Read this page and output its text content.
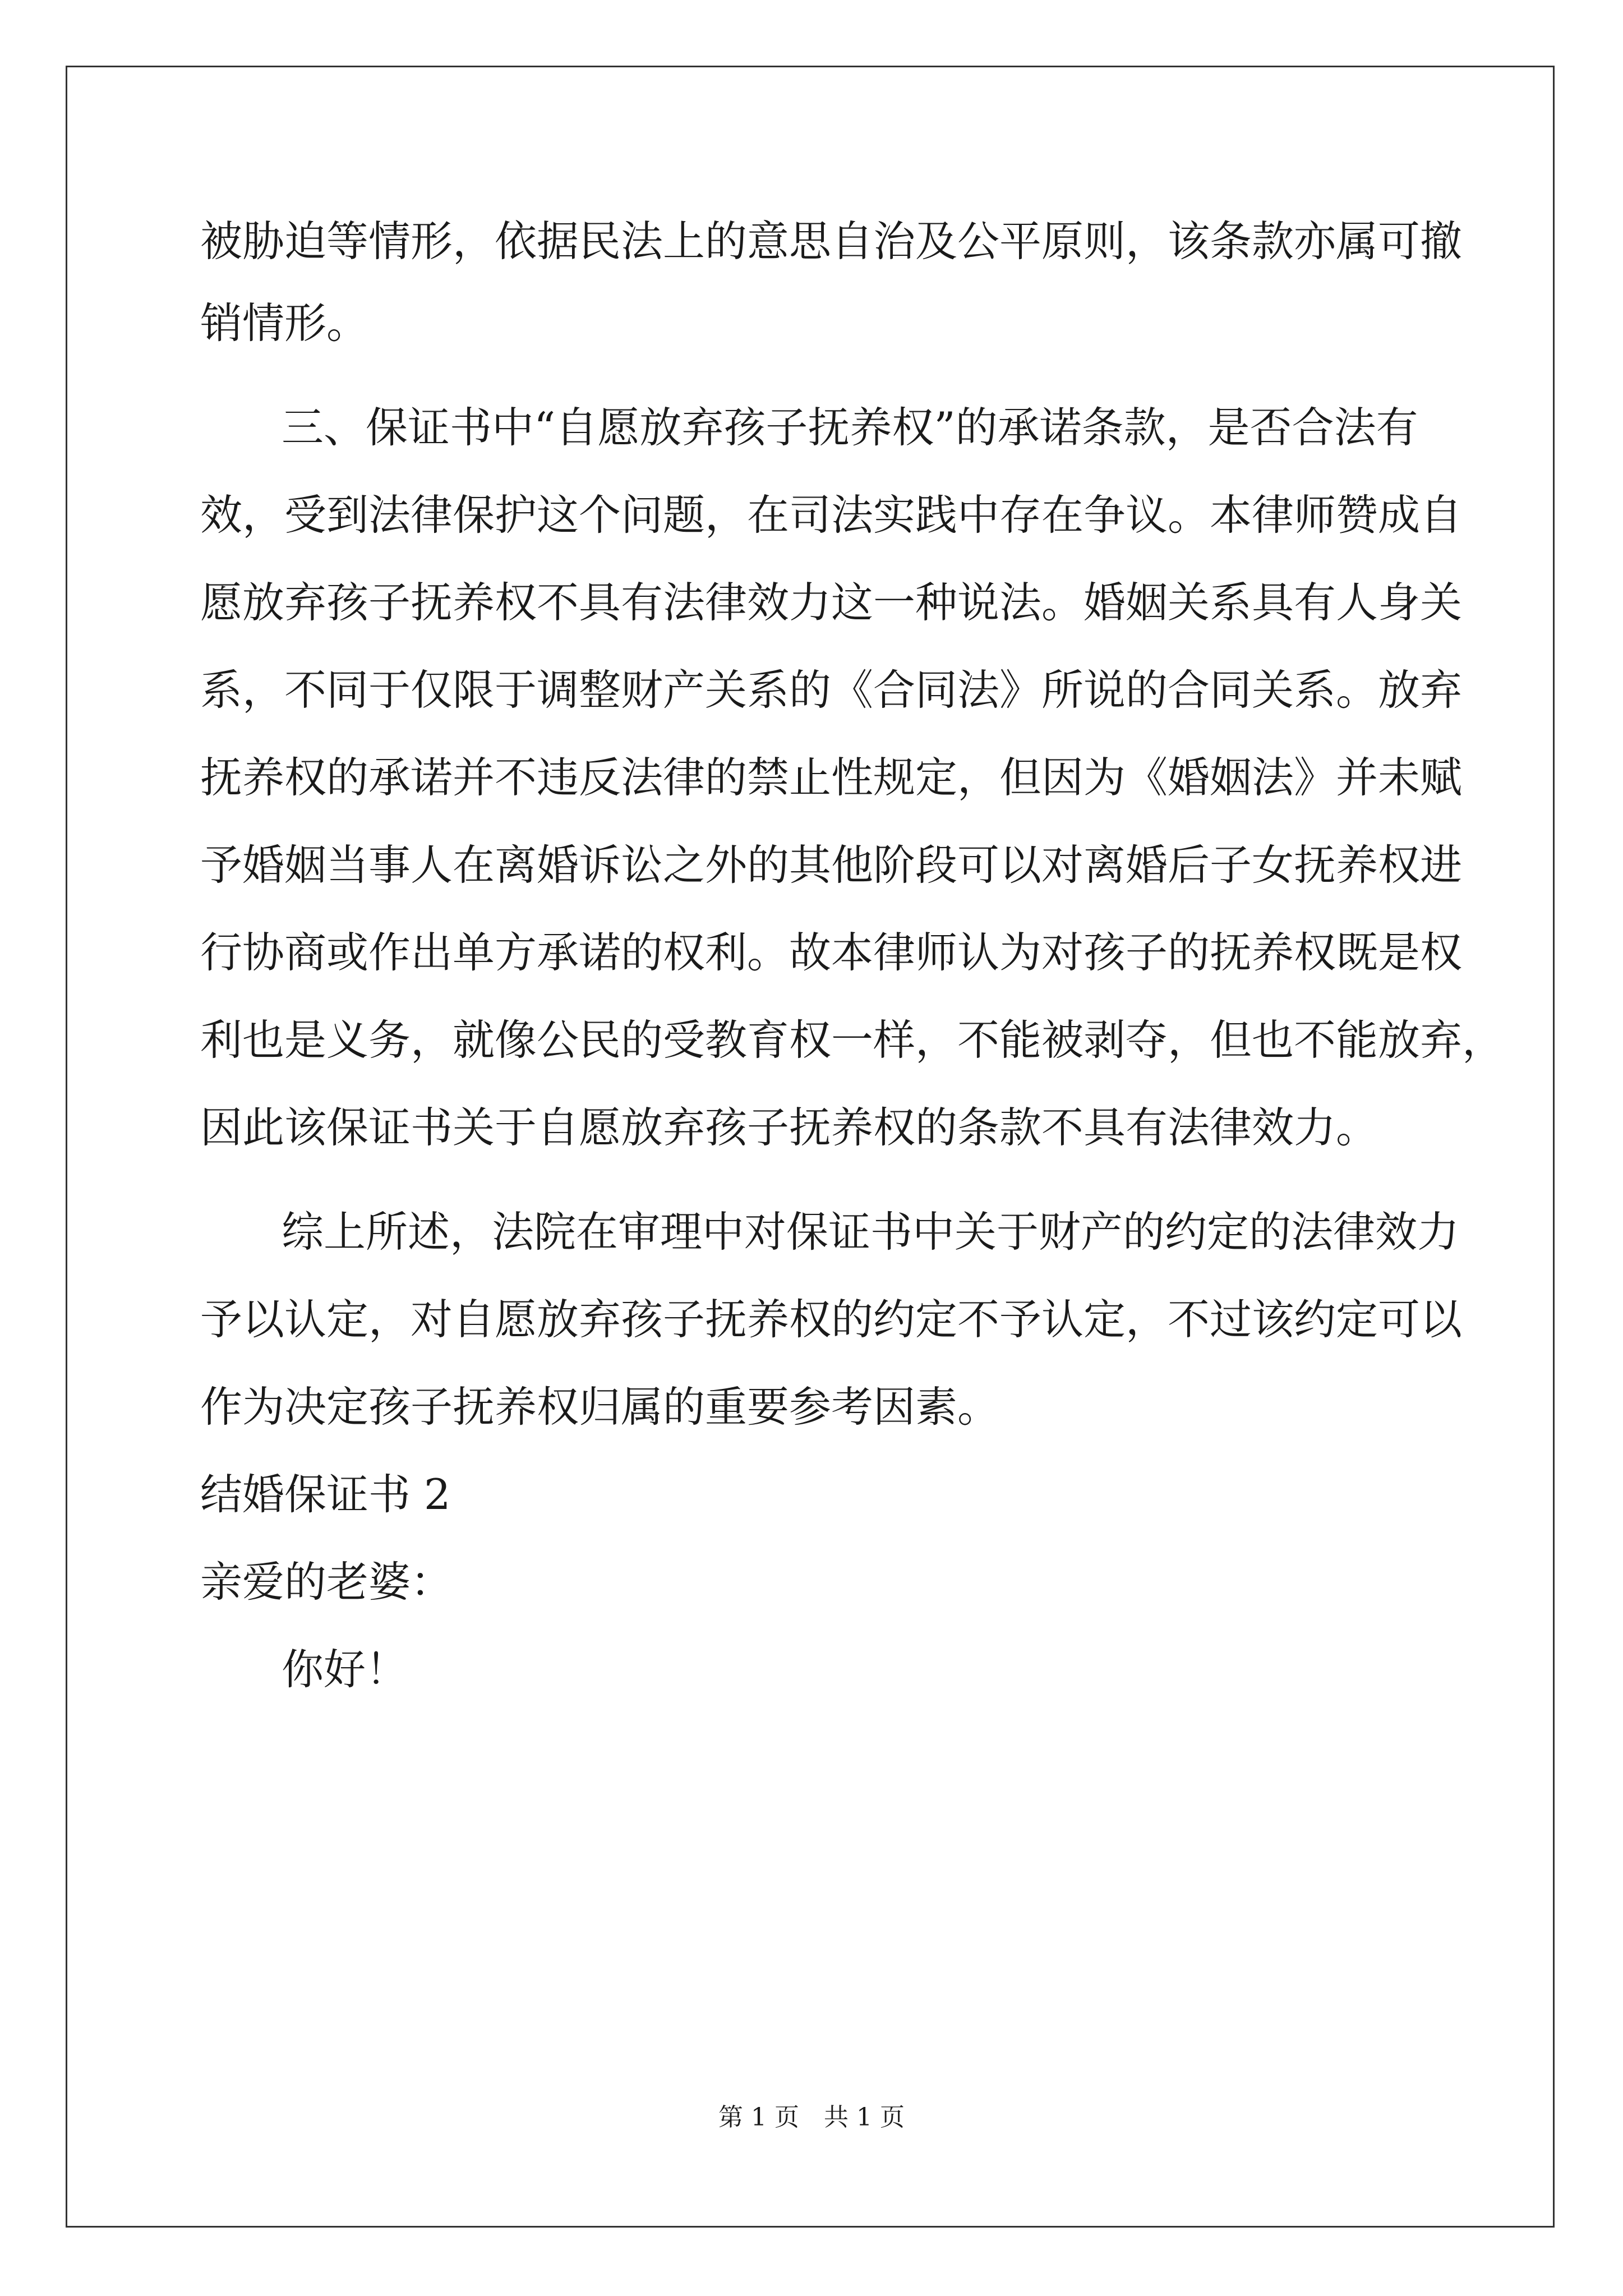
被胁迫等情形，依据民法上的意思自治及公平原则，该条款亦属可撤
销情形。
三、保证书中“自愿放弃孩子抚养权”的承诺条款，是否合法有
效，受到法律保护这个问题，在司法实践中存在争议。本律师赞成自
愿放弃孩子抚养权不具有法律效力这一种说法。婚姻关系具有人身关
系，不同于仅限于调整财产关系的《合同法》所说的合同关系。放弃
抚养权的承诺并不违反法律的禁止性规定，但因为《婚姻法》并未赋
予婚姻当事人在离婚诉讼之外的其他阶段可以对离婚后子女抚养权进
行协商或作出单方承诺的权利。故本律师认为对孩子的抚养权既是权
利也是义务，就像公民的受教育权一样，不能被剥夺，但也不能放弃，
因此该保证书关于自愿放弃孩子抚养权的条款不具有法律效力。
综上所述，法院在审理中对保证书中关于财产的约定的法律效力
予以认定，对自愿放弃孩子抚养权的约定不予认定，不过该约定可以
作为决定孩子抚养权归属的重要参考因素。
结婚保证书 2
亲爱的老婆：
你好！
第 1 页　共 1 页
